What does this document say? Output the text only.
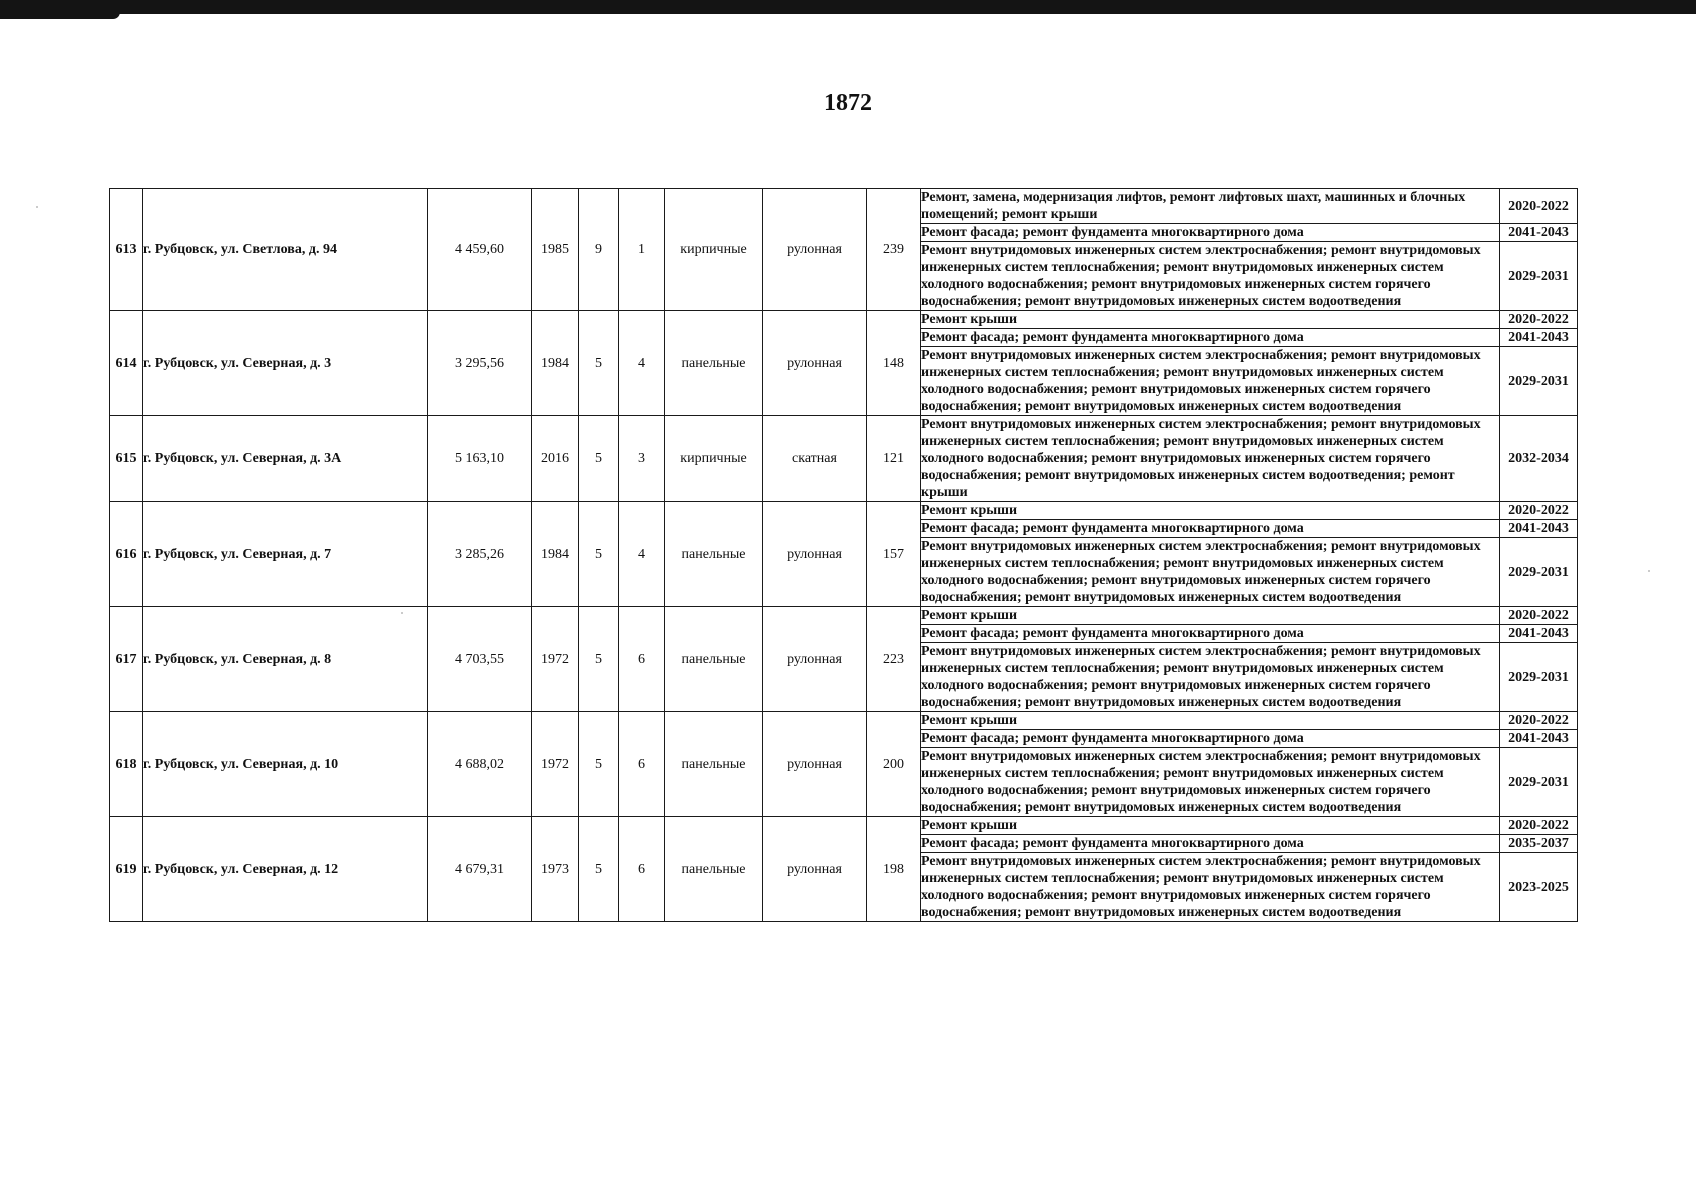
1872
613	г. Рубцовск, ул. Светлова, д. 94	4 459,60	1985	9	1	кирпичные	рулонная	239	Ремонт, замена, модернизация лифтов, ремонт лифтовых шахт, машинных и блочных помещений; ремонт крыши	2020-2022
									Ремонт фасада; ремонт фундамента многоквартирного дома	2041-2043
									Ремонт внутридомовых инженерных систем электроснабжения; ремонт внутридомовых инженерных систем теплоснабжения; ремонт внутридомовых инженерных систем холодного водоснабжения; ремонт внутридомовых инженерных систем горячего водоснабжения; ремонт внутридомовых инженерных систем водоотведения	2029-2031
614	г. Рубцовск, ул. Северная, д. 3	3 295,56	1984	5	4	панельные	рулонная	148	Ремонт крыши	2020-2022
									Ремонт фасада; ремонт фундамента многоквартирного дома	2041-2043
									Ремонт внутридомовых инженерных систем электроснабжения; ремонт внутридомовых инженерных систем теплоснабжения; ремонт внутридомовых инженерных систем холодного водоснабжения; ремонт внутридомовых инженерных систем горячего водоснабжения; ремонт внутридомовых инженерных систем водоотведения	2029-2031
615	г. Рубцовск, ул. Северная, д. 3А	5 163,10	2016	5	3	кирпичные	скатная	121	Ремонт внутридомовых инженерных систем электроснабжения; ремонт внутридомовых инженерных систем теплоснабжения; ремонт внутридомовых инженерных систем холодного водоснабжения; ремонт внутридомовых инженерных систем горячего водоснабжения; ремонт внутридомовых инженерных систем водоотведения; ремонт крыши	2032-2034
616	г. Рубцовск, ул. Северная, д. 7	3 285,26	1984	5	4	панельные	рулонная	157	Ремонт крыши	2020-2022
									Ремонт фасада; ремонт фундамента многоквартирного дома	2041-2043
									Ремонт внутридомовых инженерных систем электроснабжения; ремонт внутридомовых инженерных систем теплоснабжения; ремонт внутридомовых инженерных систем холодного водоснабжения; ремонт внутридомовых инженерных систем горячего водоснабжения; ремонт внутридомовых инженерных систем водоотведения	2029-2031
617	г. Рубцовск, ул. Северная, д. 8	4 703,55	1972	5	6	панельные	рулонная	223	Ремонт крыши	2020-2022
									Ремонт фасада; ремонт фундамента многоквартирного дома	2041-2043
									Ремонт внутридомовых инженерных систем электроснабжения; ремонт внутридомовых инженерных систем теплоснабжения; ремонт внутридомовых инженерных систем холодного водоснабжения; ремонт внутридомовых инженерных систем горячего водоснабжения; ремонт внутридомовых инженерных систем водоотведения	2029-2031
618	г. Рубцовск, ул. Северная, д. 10	4 688,02	1972	5	6	панельные	рулонная	200	Ремонт крыши	2020-2022
									Ремонт фасада; ремонт фундамента многоквартирного дома	2041-2043
									Ремонт внутридомовых инженерных систем электроснабжения; ремонт внутридомовых инженерных систем теплоснабжения; ремонт внутридомовых инженерных систем холодного водоснабжения; ремонт внутридомовых инженерных систем горячего водоснабжения; ремонт внутридомовых инженерных систем водоотведения	2029-2031
619	г. Рубцовск, ул. Северная, д. 12	4 679,31	1973	5	6	панельные	рулонная	198	Ремонт крыши	2020-2022
									Ремонт фасада; ремонт фундамента многоквартирного дома	2035-2037
									Ремонт внутридомовых инженерных систем электроснабжения; ремонт внутридомовых инженерных систем теплоснабжения; ремонт внутридомовых инженерных систем холодного водоснабжения; ремонт внутридомовых инженерных систем горячего водоснабжения; ремонт внутридомовых инженерных систем водоотведения	2023-2025
